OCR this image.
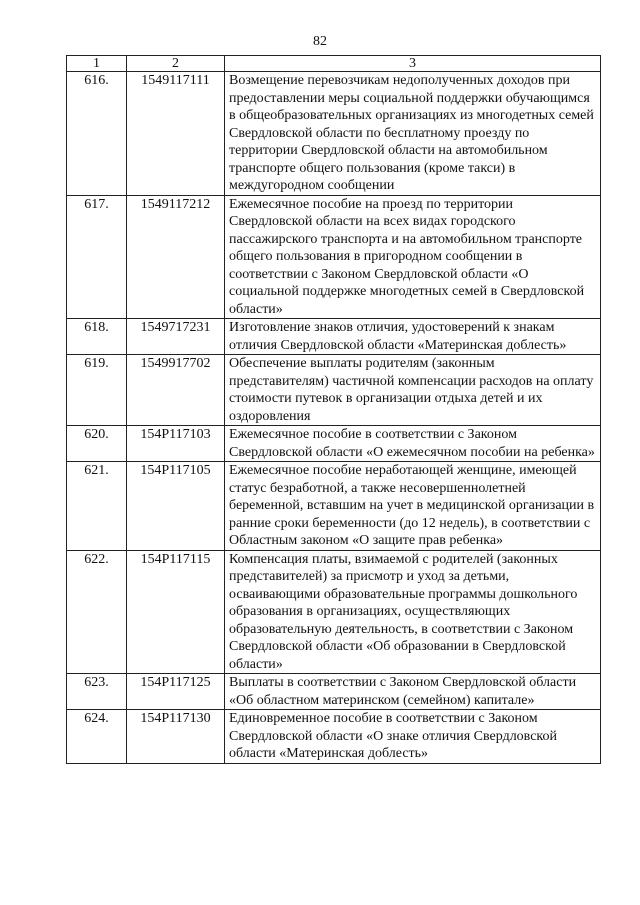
82
1	2	3
616.	1549117111	Возмещение перевозчикам недополученных доходов при предоставлении меры социальной поддержки обучающимся в общеобразовательных организациях из многодетных семей Свердловской области по бесплатному проезду по территории Свердловской области на автомобильном транспорте общего пользования (кроме такси) в междугородном сообщении
617.	1549117212	Ежемесячное пособие на проезд по территории Свердловской области на всех видах городского пассажирского транспорта и на автомобильном транспорте общего пользования в пригородном сообщении в соответствии с Законом Свердловской области «О социальной поддержке многодетных семей в Свердловской области»
618.	1549717231	Изготовление знаков отличия, удостоверений к знакам отличия Свердловской области «Материнская доблесть»
619.	1549917702	Обеспечение выплаты родителям (законным представителям) частичной компенсации расходов на оплату стоимости путевок в организации отдыха детей и их оздоровления
620.	154P117103	Ежемесячное пособие в соответствии с Законом Свердловской области «О ежемесячном пособии на ребенка»
621.	154P117105	Ежемесячное пособие неработающей женщине, имеющей статус безработной, а также несовершеннолетней беременной, вставшим на учет в медицинской организации в ранние сроки беременности (до 12 недель), в соответствии с Областным законом «О защите прав ребенка»
622.	154P117115	Компенсация платы, взимаемой с родителей (законных представителей) за присмотр и уход за детьми, осваивающими образовательные программы дошкольного образования в организациях, осуществляющих образовательную деятельность, в соответствии с Законом Свердловской области «Об образовании в Свердловской области»
623.	154P117125	Выплаты в соответствии с Законом Свердловской области «Об областном материнском (семейном) капитале»
624.	154P117130	Единовременное пособие в соответствии с Законом Свердловской области «О знаке отличия Свердловской области «Материнская доблесть»
